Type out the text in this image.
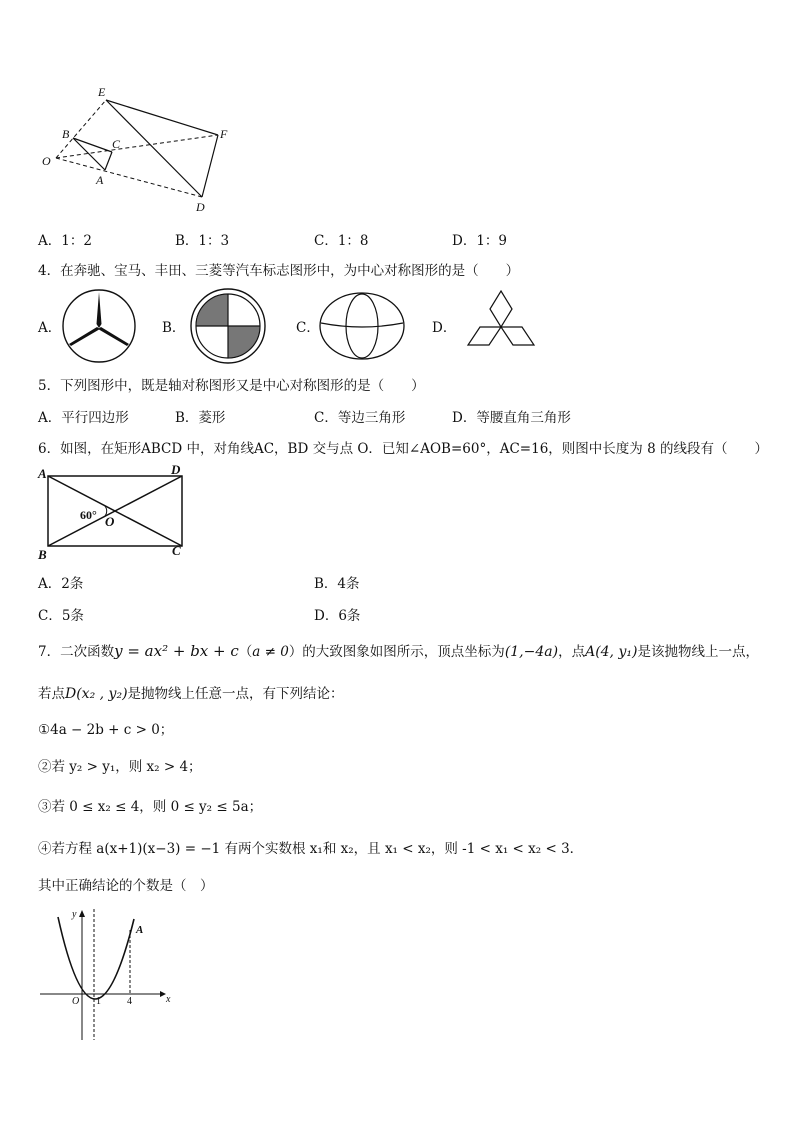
E
F
B
C
O
A
D
A．1：2	B．1：3	C．1：8	D．1：9
4．在奔驰、宝马、丰田、三菱等汽车标志图形中，为中心对称图形的是（　　）
A．	B．	C．	D．
5．下列图形中，既是轴对称图形又是中心对称图形的是（　　）
A．平行四边形	B．菱形	C．等边三角形	D．等腰直角三角形
6．如图，在矩形ABCD 中，对角线AC，BD 交与点 O．已知∠AOB=60°，AC=16，则图中长度为 8 的线段有（　　）
A	D
B	C
O
60°
A．2条	B．4条
C．5条	D．6条
7．二次函数y = ax² + bx + c（a ≠ 0）的大致图象如图所示，顶点坐标为(1,−4a)，点A(4, y₁)是该抛物线上一点，
若点D(x₂ , y₂)是抛物线上任意一点，有下列结论：
①4a − 2b + c > 0；
②若 y₂ > y₁，则 x₂ > 4；
③若 0 ≤ x₂ ≤ 4，则 0 ≤ y₂ ≤ 5a；
④若方程 a(x+1)(x−3) = −1 有两个实数根 x₁和 x₂，且 x₁ < x₂，则 -1 < x₁ < x₂ < 3．
其中正确结论的个数是（　）
y
x
O 1	4
A
